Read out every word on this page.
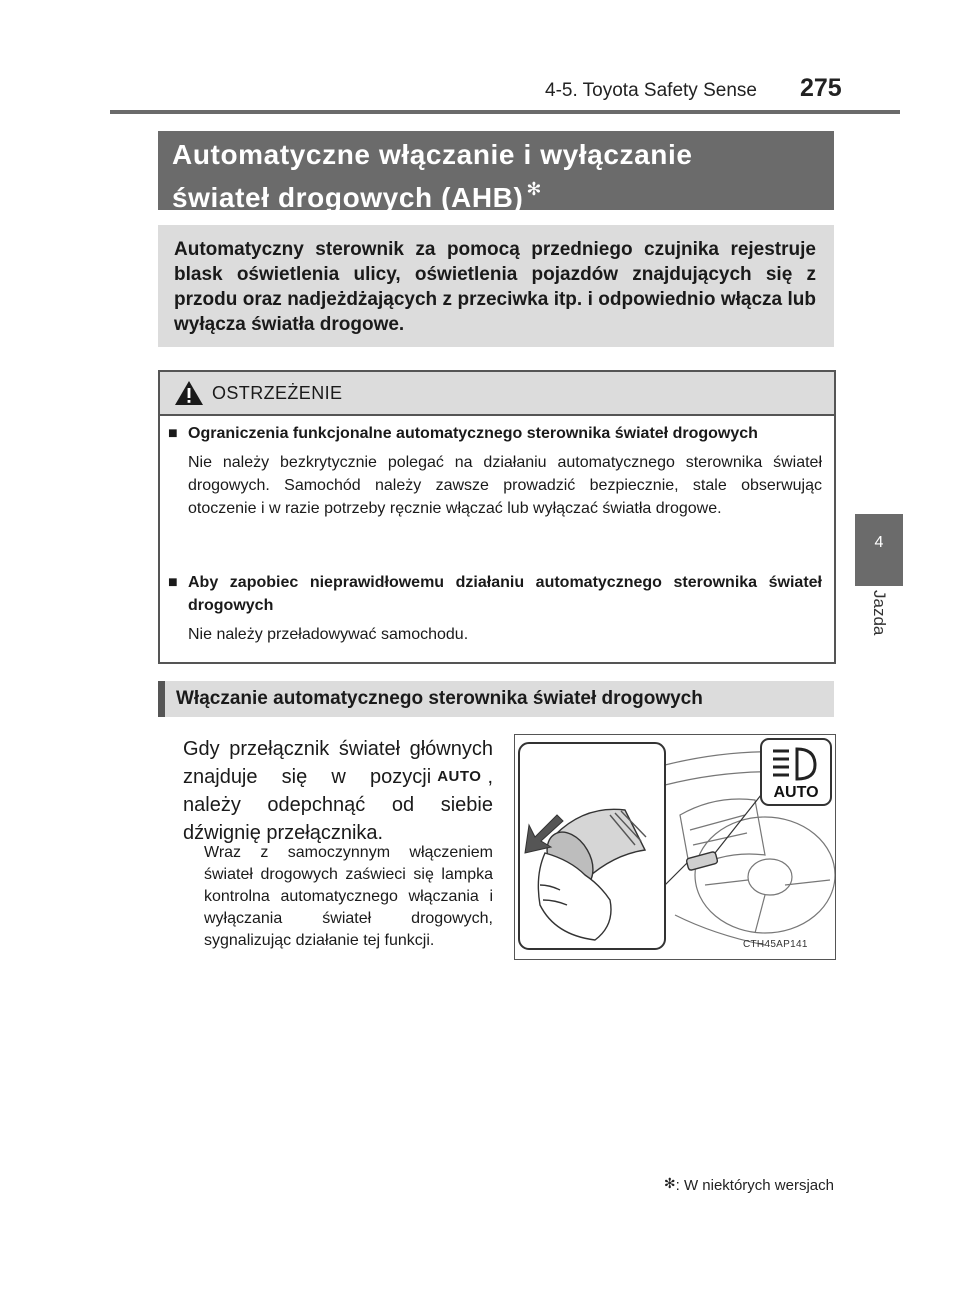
4-5. Toyota Safety Sense 275
4
Jazda
Automatyczne włączanie i wyłączanie
świateł drogowych (AHB) ✻
Automatyczny sterownik za pomocą przedniego czujnika rejestruje blask oświetlenia ulicy, oświetlenia pojazdów znajdujących się z przodu oraz nadjeżdżających z przeciwka itp. i odpowiednio włącza lub wyłącza światła drogowe.
OSTRZEŻENIE
■ Ograniczenia funkcjonalne automatycznego sterownika świateł drogowych
Nie należy bezkrytycznie polegać na działaniu automatycznego sterownika świateł drogowych. Samochód należy zawsze prowadzić bezpiecznie, stale obserwując otoczenie i w razie potrzeby ręcznie włączać lub wyłączać światła drogowe.
■ Aby zapobiec nieprawidłowemu działaniu automatycznego sterownika świateł drogowych
Nie należy przeładowywać samochodu.
Włączanie automatycznego sterownika świateł drogowych
Gdy przełącznik świateł głównych znajduje się w pozycji AUTO , należy odepchnąć od siebie dźwignię przełącznika.
Wraz z samoczynnym włączeniem świateł drogowych zaświeci się lampka kontrolna automatycznego włączania i wyłączania świateł drogowych, sygnalizując działanie tej funkcji.
AUTO
CTH45AP141
✻: W niektórych wersjach
